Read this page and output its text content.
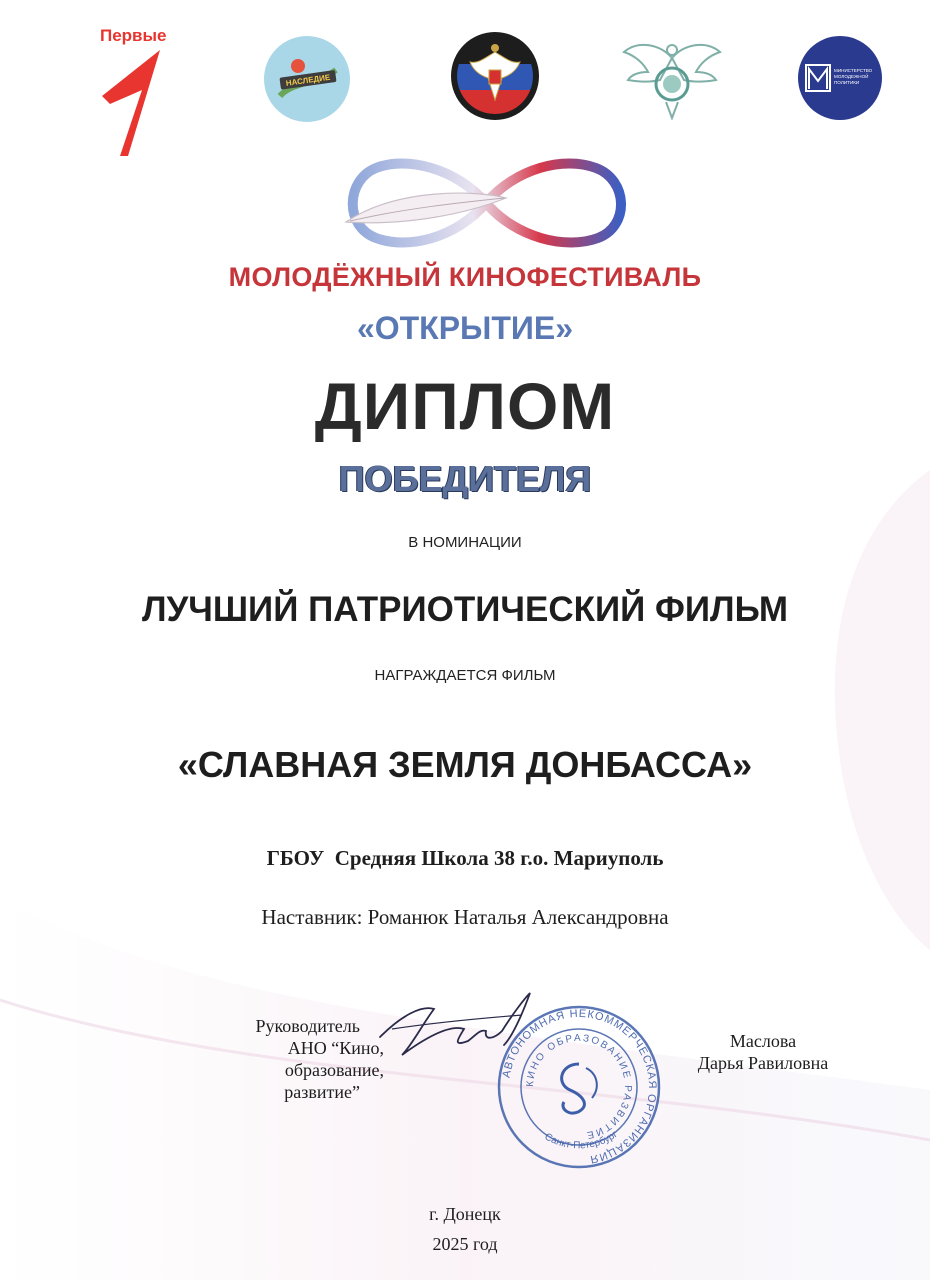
Первые
НАСЛЕДИЕ
МИНИСТЕРСТВО
МОЛОДЕЖНОЙ
ПОЛИТИКИ
МОЛОДЁЖНЫЙ КИНОФЕСТИВАЛЬ
«ОТКРЫТИЕ»
ДИПЛОМ
ПОБЕДИТЕЛЯ
В НОМИНАЦИИ
ЛУЧШИЙ ПАТРИОТИЧЕСКИЙ ФИЛЬМ
НАГРАЖДАЕТСЯ ФИЛЬМ
«СЛАВНАЯ ЗЕМЛЯ ДОНБАССА»
ГБОУ  Средняя Школа 38 г.о. Мариуполь
Наставник: Романюк Наталья Александровна
Руководитель
АНО “Кино, образование,
развитие”
АВТОНОМНАЯ НЕКОММЕРЧЕСКАЯ ОРГАНИЗАЦИЯ
КИНО ОБРАЗОВАНИЕ РАЗВИТИЕ
Санкт-Петербург
Маслова
Дарья Равиловна
г. Донецк
2025 год
